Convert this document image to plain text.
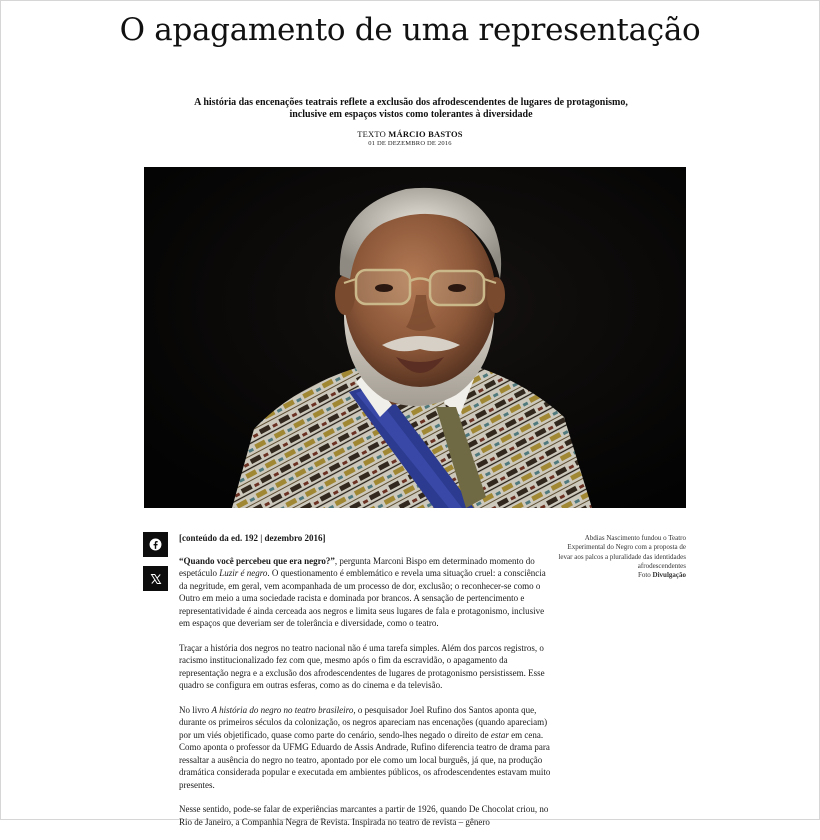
O apagamento de uma representação
A história das encenações teatrais reflete a exclusão dos afrodescendentes de lugares de protagonismo, inclusive em espaços vistos como tolerantes à diversidade
TEXTO MÁRCIO BASTOS
01 DE DEZEMBRO DE 2016
Abdias Nascimento fundou o Teatro Experimental do Negro com a proposta de levar aos palcos a pluralidade das identidades afrodescendentes
Foto Divulgação

[conteúdo da ed. 192 | dezembro 2016]

“Quando você percebeu que era negro?”, pergunta Marconi Bispo em determinado momento do espetáculo Luzir é negro. O questionamento é emblemático e revela uma situação cruel: a consciência da negritude, em geral, vem acompanhada de um processo de dor, exclusão; o reconhecer-se como o Outro em meio a uma sociedade racista e dominada por brancos. A sensação de pertencimento e representatividade é ainda cerceada aos negros e limita seus lugares de fala e protagonismo, inclusive em espaços que deveriam ser de tolerância e diversidade, como o teatro.

Traçar a história dos negros no teatro nacional não é uma tarefa simples. Além dos parcos registros, o racismo institucionalizado fez com que, mesmo após o fim da escravidão, o apagamento da representação negra e a exclusão dos afrodescendentes de lugares de protagonismo persistissem. Esse quadro se configura em outras esferas, como as do cinema e da televisão.

No livro A história do negro no teatro brasileiro, o pesquisador Joel Rufino dos Santos aponta que, durante os primeiros séculos da colonização, os negros apareciam nas encenações (quando apareciam) por um viés objetificado, quase como parte do cenário, sendo-lhes negado o direito de estar em cena. Como aponta o professor da UFMG Eduardo de Assis Andrade, Rufino diferencia teatro de drama para ressaltar a ausência do negro no teatro, apontado por ele como um local burguês, já que, na produção dramática considerada popular e executada em ambientes públicos, os afrodescendentes estavam muito presentes.

Nesse sentido, pode-se falar de experiências marcantes a partir de 1926, quando De Chocolat criou, no Rio de Janeiro, a Companhia Negra de Revista. Inspirada no teatro de revista – gênero
